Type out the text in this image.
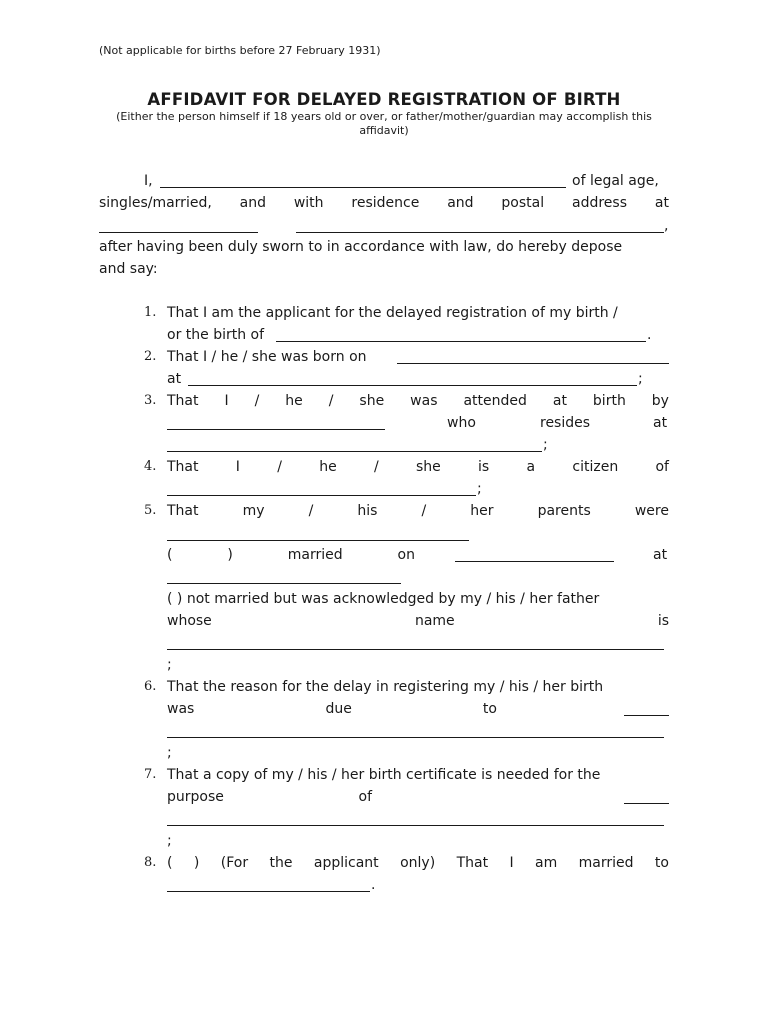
(Not applicable for births before 27 February 1931)
AFFIDAVIT FOR DELAYED REGISTRATION OF BIRTH
(Either the person himself if 18 years old or over, or father/mother/guardian may accomplish this affidavit)
I,	of legal age,
singles/married, and with residence and postal address at
,
after having been duly sworn to in accordance with law, do hereby depose
and say:
1. That I am the applicant for the delayed registration of my birth /
or the birth of	.
2. That I / he / she was born on
at	;
3. That I / he / she was attended at birth by
who	resides	at
;
4. That	I	/	he	/	she	is	a	citizen	of
;
5. That	my	/	his	/	her	parents	were
(	)	married	on	at
( ) not married but was acknowledged by my / his / her father
whose	name	is
;
6. That the reason for the delay in registering my / his / her birth
was	due	to
;
7. That a copy of my / his / her birth certificate is needed for the
purpose	of
;
8. ( ) (For the applicant only) That I am married to
.
